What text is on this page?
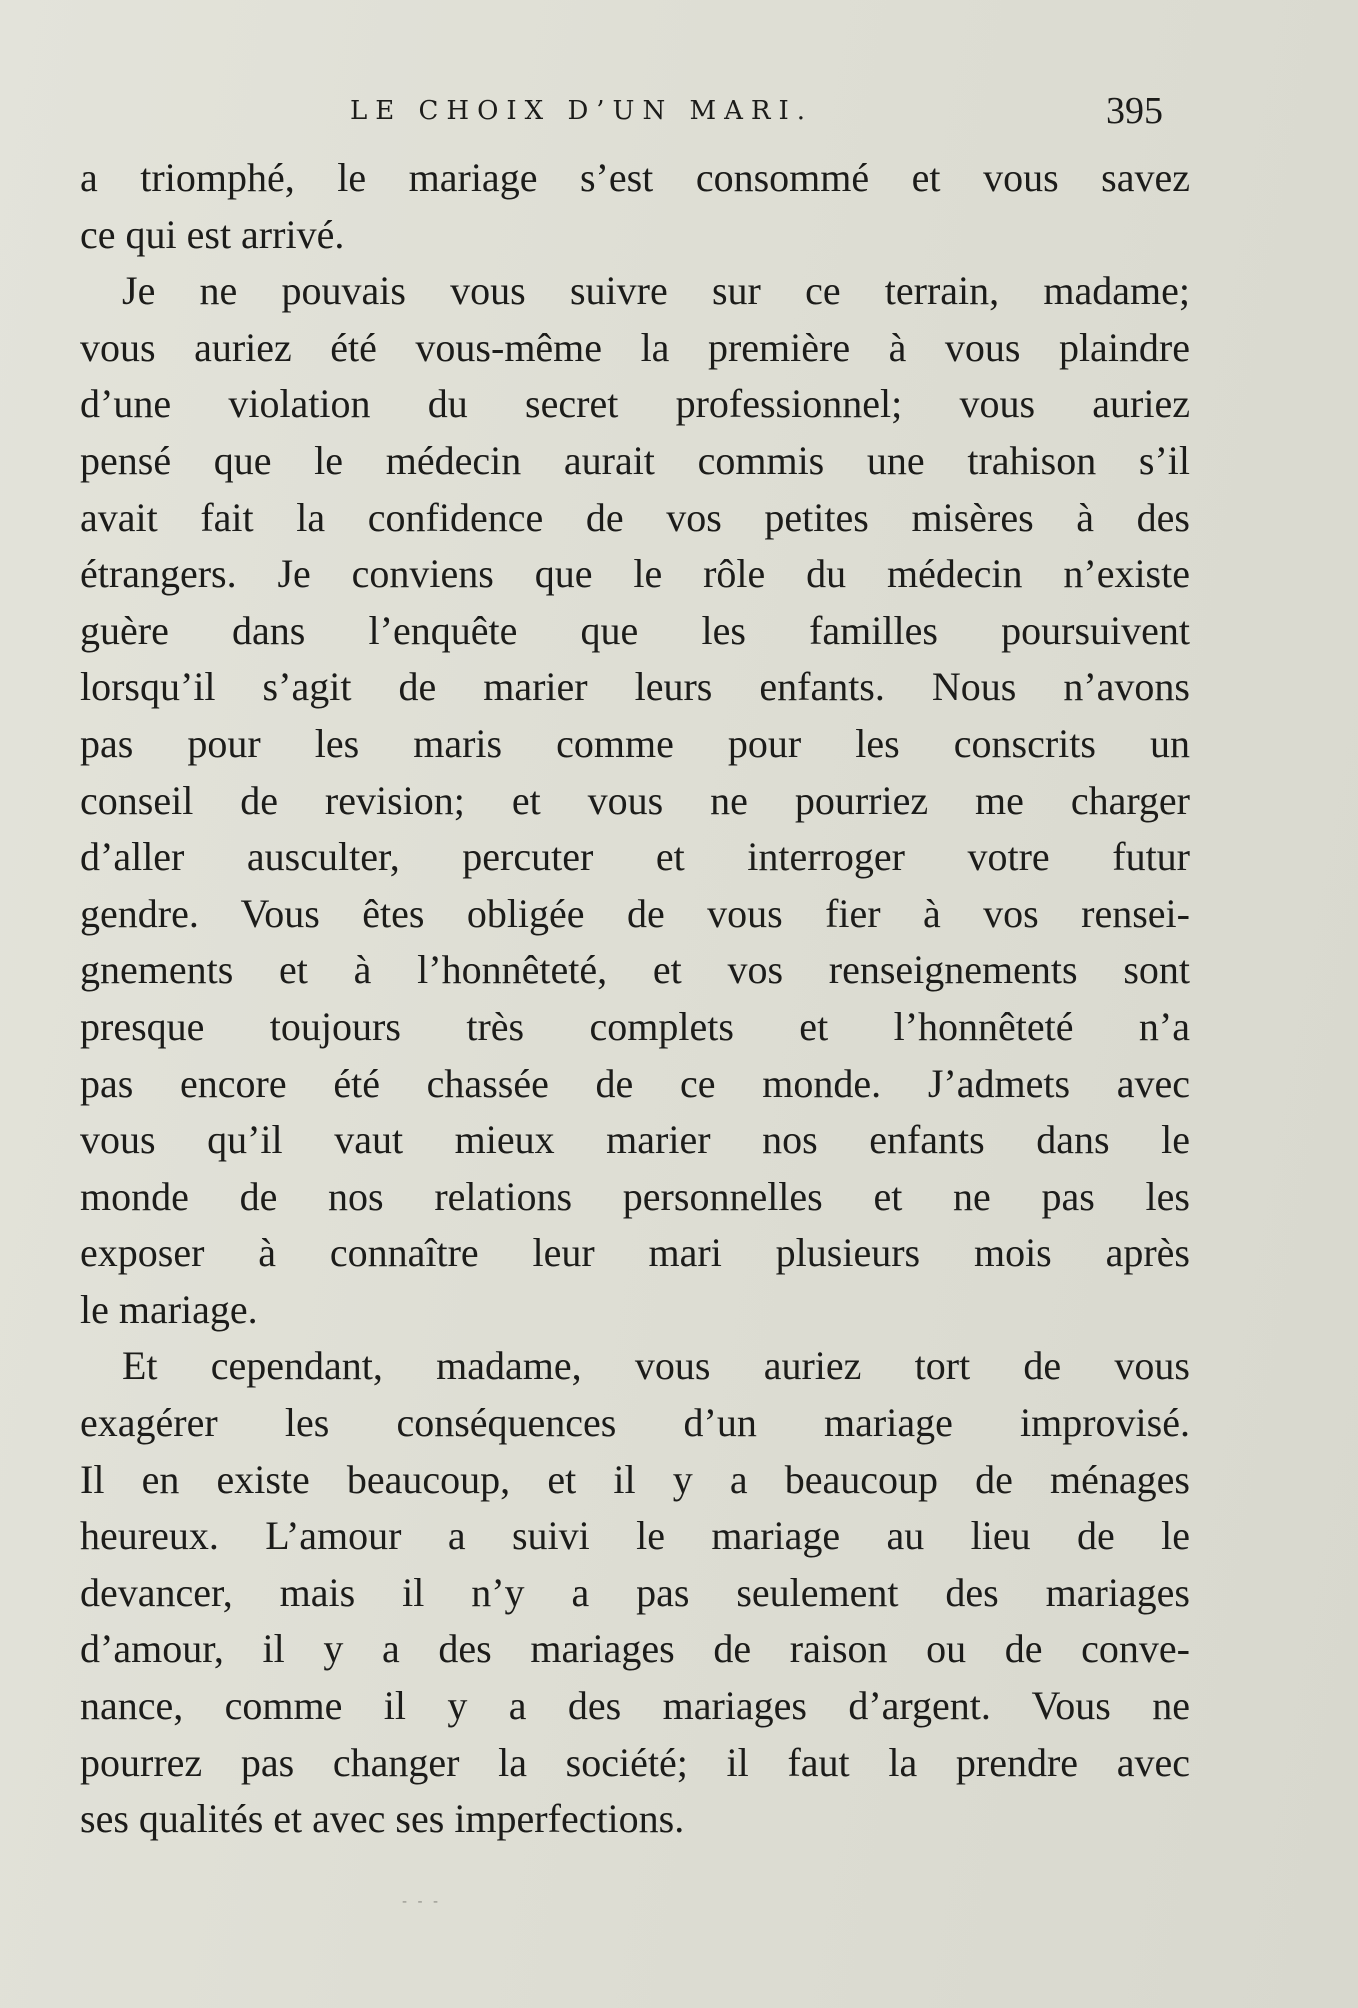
LE CHOIX D’UN MARI.	395
a triomphé, le mariage s’est consommé et vous savez
ce qui est arrivé.
Je ne pouvais vous suivre sur ce terrain, madame;
vous auriez été vous-même la première à vous plaindre
d’une violation du secret professionnel; vous auriez
pensé que le médecin aurait commis une trahison s’il
avait fait la confidence de vos petites misères à des
étrangers. Je conviens que le rôle du médecin n’existe
guère dans l’enquête que les familles poursuivent
lorsqu’il s’agit de marier leurs enfants. Nous n’avons
pas pour les maris comme pour les conscrits un
conseil de revision; et vous ne pourriez me charger
d’aller ausculter, percuter et interroger votre futur
gendre. Vous êtes obligée de vous fier à vos rensei-
gnements et à l’honnêteté, et vos renseignements sont
presque toujours très complets et l’honnêteté n’a
pas encore été chassée de ce monde. J’admets avec
vous qu’il vaut mieux marier nos enfants dans le
monde de nos relations personnelles et ne pas les
exposer à connaître leur mari plusieurs mois après
le mariage.
Et cependant, madame, vous auriez tort de vous
exagérer les conséquences d’un mariage improvisé.
Il en existe beaucoup, et il y a beaucoup de ménages
heureux. L’amour a suivi le mariage au lieu de le
devancer, mais il n’y a pas seulement des mariages
d’amour, il y a des mariages de raison ou de conve-
nance, comme il y a des mariages d’argent. Vous ne
pourrez pas changer la société; il faut la prendre avec
ses qualités et avec ses imperfections.
- - -
